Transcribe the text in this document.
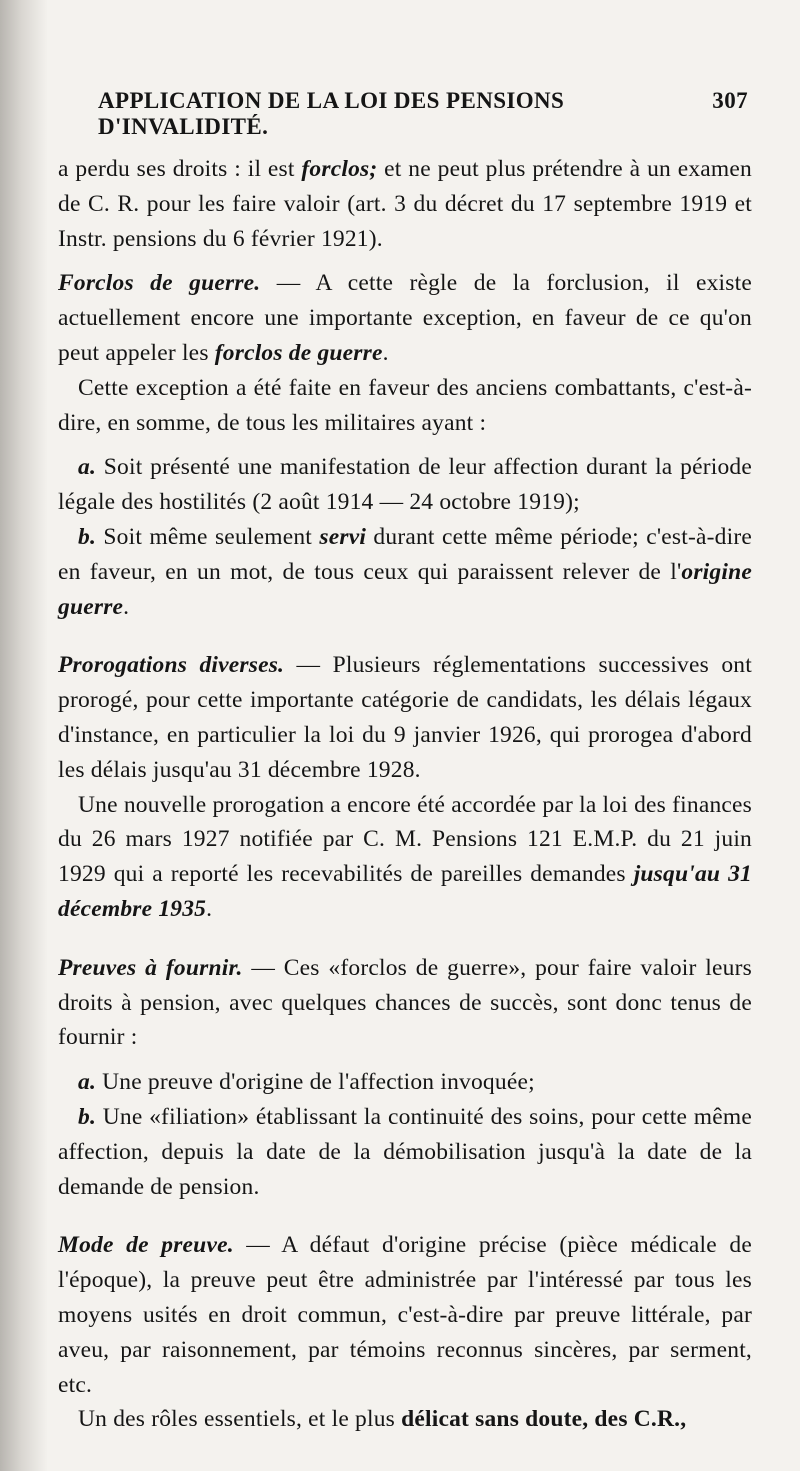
APPLICATION DE LA LOI DES PENSIONS D'INVALIDITÉ.
307

a perdu ses droits : il est forclos; et ne peut plus prétendre à un examen de C. R. pour les faire valoir (art. 3 du décret du 17 septembre 1919 et Instr. pensions du 6 février 1921).

Forclos de guerre. — A cette règle de la forclusion, il existe actuellement encore une importante exception, en faveur de ce qu'on peut appeler les forclos de guerre.

Cette exception a été faite en faveur des anciens combattants, c'est-à-dire, en somme, de tous les militaires ayant :

a. Soit présenté une manifestation de leur affection durant la période légale des hostilités (2 août 1914 — 24 octobre 1919);

b. Soit même seulement servi durant cette même période; c'est-à-dire en faveur, en un mot, de tous ceux qui paraissent relever de l'origine guerre.

Prorogations diverses. — Plusieurs réglementations successives ont prorogé, pour cette importante catégorie de candidats, les délais légaux d'instance, en particulier la loi du 9 janvier 1926, qui prorogea d'abord les délais jusqu'au 31 décembre 1928.

Une nouvelle prorogation a encore été accordée par la loi des finances du 26 mars 1927 notifiée par C. M. Pensions 121 E.M.P. du 21 juin 1929 qui a reporté les recevabilités de pareilles demandes jusqu'au 31 décembre 1935.

Preuves à fournir. — Ces «forclos de guerre», pour faire valoir leurs droits à pension, avec quelques chances de succès, sont donc tenus de fournir :

a. Une preuve d'origine de l'affection invoquée;

b. Une «filiation» établissant la continuité des soins, pour cette même affection, depuis la date de la démobilisation jusqu'à la date de la demande de pension.

Mode de preuve. — A défaut d'origine précise (pièce médicale de l'époque), la preuve peut être administrée par l'intéressé par tous les moyens usités en droit commun, c'est-à-dire par preuve littérale, par aveu, par raisonnement, par témoins reconnus sincères, par serment, etc.

Un des rôles essentiels, et le plus délicat sans doute, des C.R.,
